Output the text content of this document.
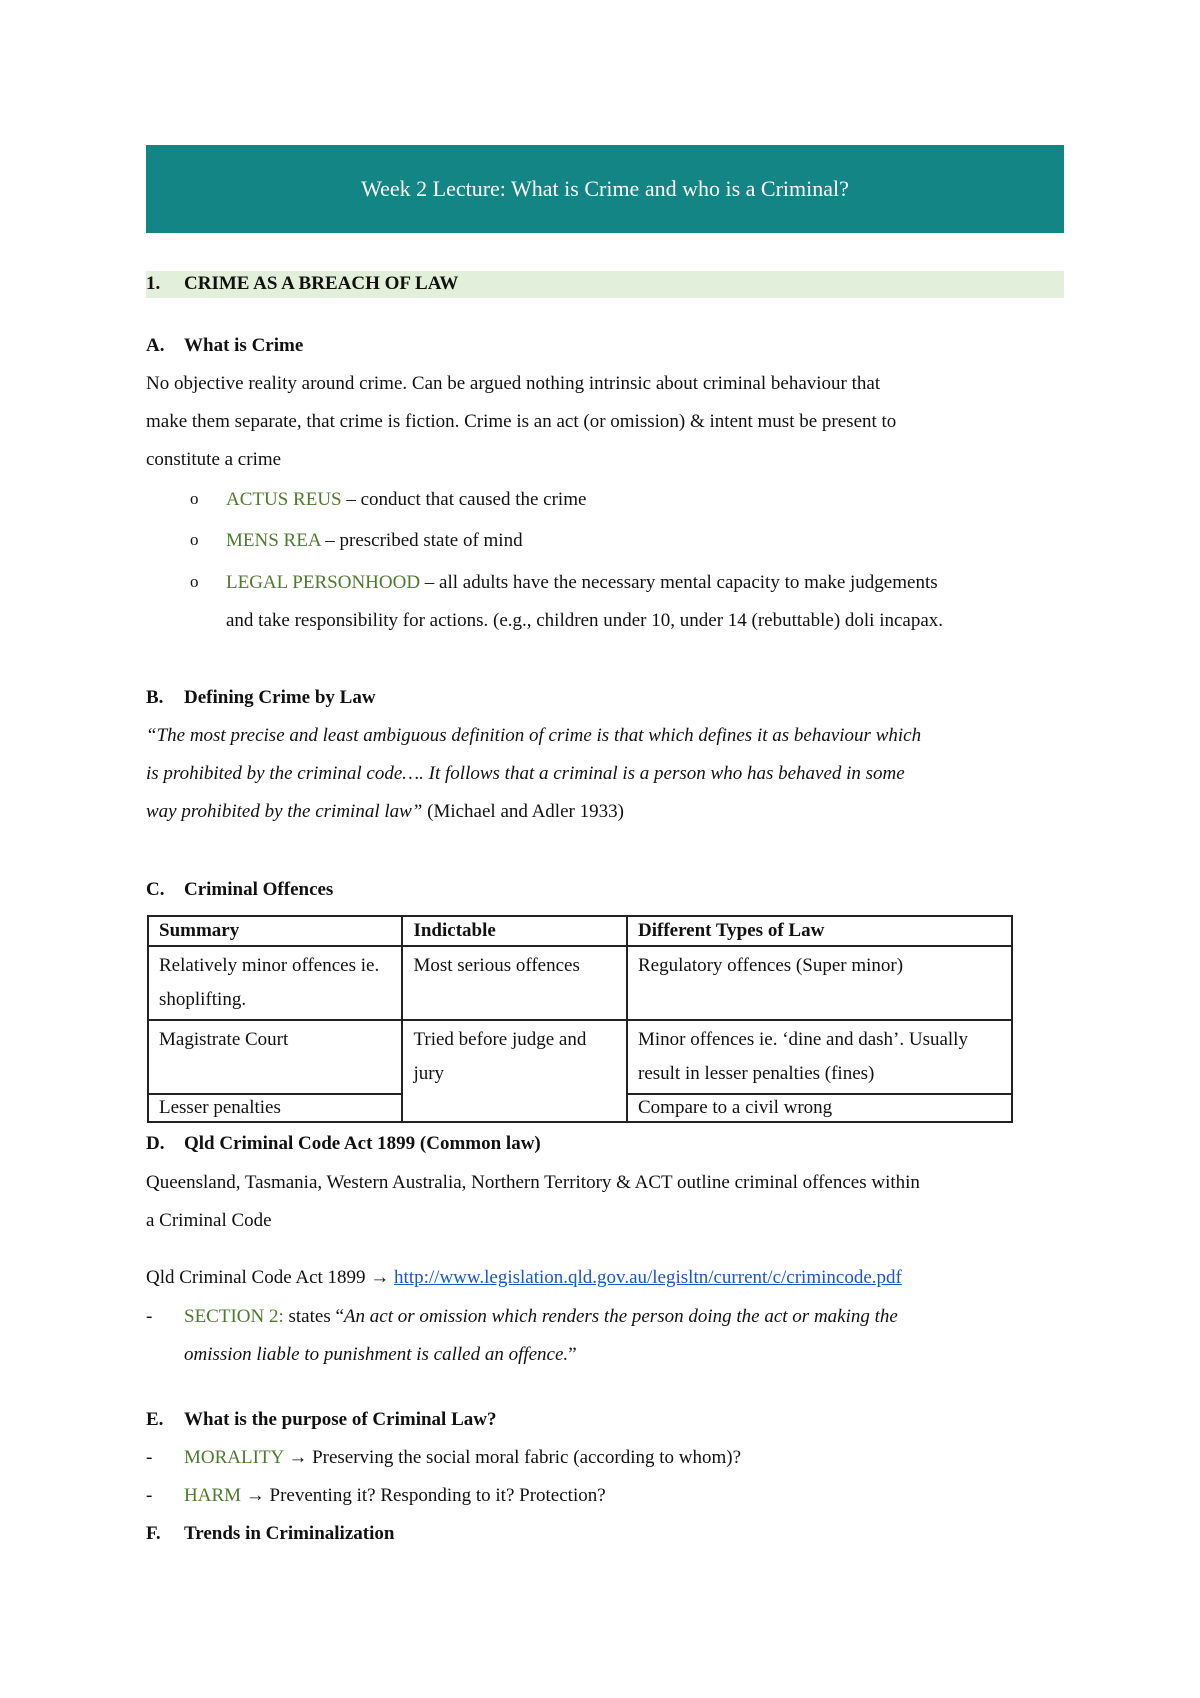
Week 2 Lecture: What is Crime and who is a Criminal?
1. CRIME AS A BREACH OF LAW
A. What is Crime
No objective reality around crime. Can be argued nothing intrinsic about criminal behaviour that
make them separate, that crime is fiction. Crime is an act (or omission) & intent must be present to
constitute a crime
o ACTUS REUS – conduct that caused the crime
o MENS REA – prescribed state of mind
o LEGAL PERSONHOOD – all adults have the necessary mental capacity to make judgements
and take responsibility for actions. (e.g., children under 10, under 14 (rebuttable) doli incapax.
B. Defining Crime by Law
“The most precise and least ambiguous definition of crime is that which defines it as behaviour which
is prohibited by the criminal code…. It follows that a criminal is a person who has behaved in some
way prohibited by the criminal law” (Michael and Adler 1933)
C. Criminal Offences
Summary	Indictable	Different Types of Law
Relatively minor offences ie. shoplifting.	Most serious offences	Regulatory offences (Super minor)
Magistrate Court	Tried before judge and jury	Minor offences ie. ‘dine and dash’. Usually result in lesser penalties (fines)
Lesser penalties		Compare to a civil wrong
D. Qld Criminal Code Act 1899 (Common law)
Queensland, Tasmania, Western Australia, Northern Territory & ACT outline criminal offences within
a Criminal Code
Qld Criminal Code Act 1899 → http://www.legislation.qld.gov.au/legisltn/current/c/crimincode.pdf
- SECTION 2: states “An act or omission which renders the person doing the act or making the
omission liable to punishment is called an offence.”
E. What is the purpose of Criminal Law?
- MORALITY → Preserving the social moral fabric (according to whom)?
- HARM → Preventing it? Responding to it? Protection?
F. Trends in Criminalization
